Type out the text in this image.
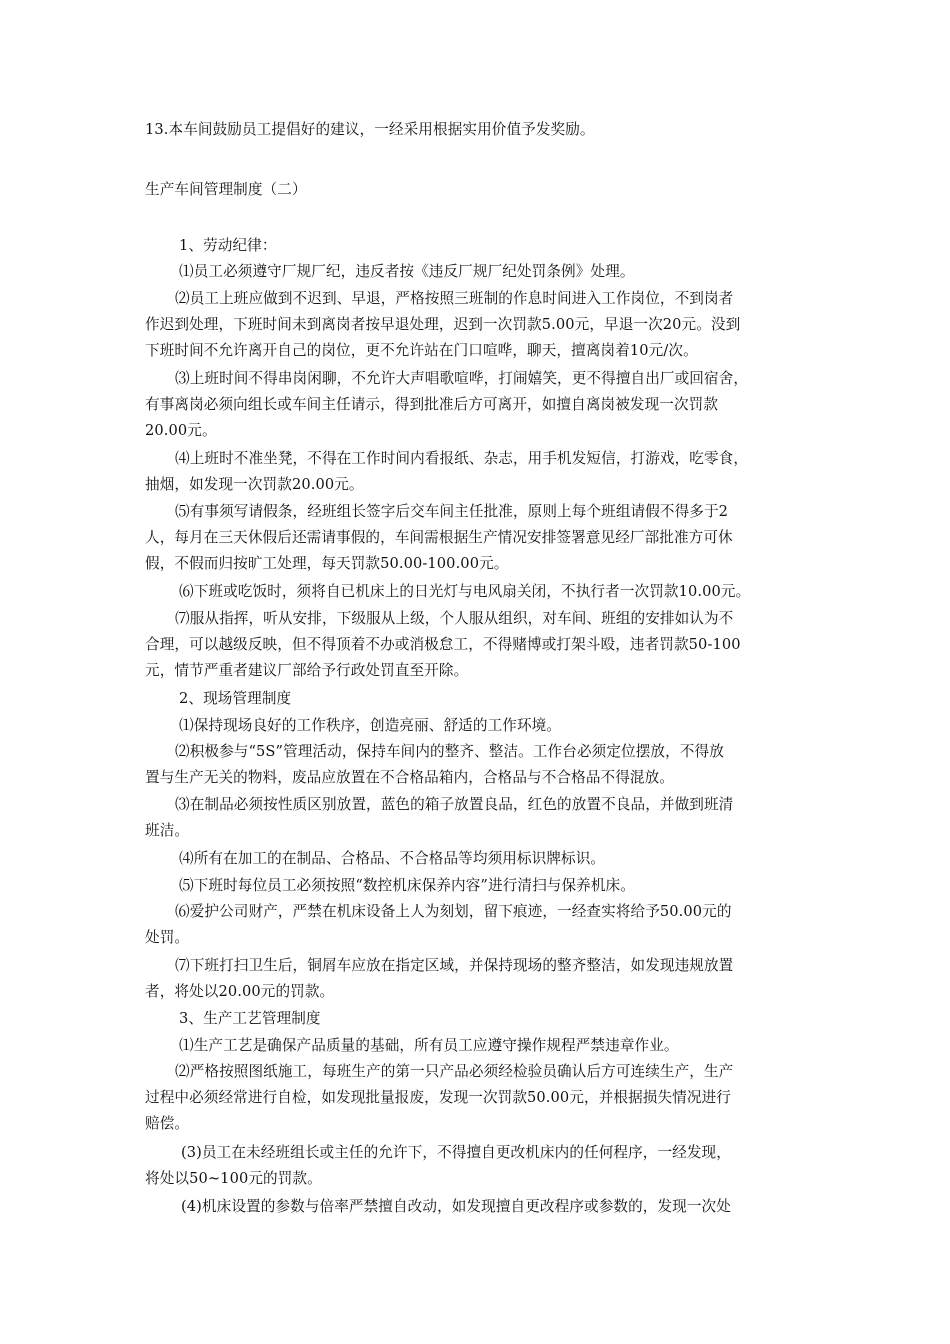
13.本车间鼓励员工提倡好的建议，一经采用根据实用价值予发奖励。
生产车间管理制度（二）
1、劳动纪律：
⑴员工必须遵守厂规厂纪，违反者按《违反厂规厂纪处罚条例》处理。
⑵员工上班应做到不迟到、早退，严格按照三班制的作息时间进入工作岗位，不到岗者
作迟到处理，下班时间未到离岗者按早退处理，迟到一次罚款5.00元，早退一次20元。没到
下班时间不允许离开自己的岗位，更不允许站在门口喧哗，聊天，擅离岗着10元/次。
⑶上班时间不得串岗闲聊，不允许大声唱歌喧哗，打闹嬉笑，更不得擅自出厂或回宿舍，
有事离岗必须向组长或车间主任请示，得到批准后方可离开，如擅自离岗被发现一次罚款
20.00元。
⑷上班时不准坐凳，不得在工作时间内看报纸、杂志，用手机发短信，打游戏，吃零食，
抽烟，如发现一次罚款20.00元。
⑸有事须写请假条，经班组长签字后交车间主任批准，原则上每个班组请假不得多于2
人，每月在三天休假后还需请事假的，车间需根据生产情况安排签署意见经厂部批准方可休
假，不假而归按旷工处理，每天罚款50.00-100.00元。
⑹下班或吃饭时，须将自已机床上的日光灯与电风扇关闭，不执行者一次罚款10.00元。
⑺服从指挥，听从安排，下级服从上级，个人服从组织，对车间、班组的安排如认为不
合理，可以越级反映，但不得顶着不办或消极怠工，不得赌博或打架斗殴，违者罚款50-100
元，情节严重者建议厂部给予行政处罚直至开除。
2、现场管理制度
⑴保持现场良好的工作秩序，创造亮丽、舒适的工作环境。
⑵积极参与“5S”管理活动，保持车间内的整齐、整洁。工作台必须定位摆放，不得放
置与生产无关的物料，废品应放置在不合格品箱内，合格品与不合格品不得混放。
⑶在制品必须按性质区别放置，蓝色的箱子放置良品，红色的放置不良品，并做到班清
班洁。
⑷所有在加工的在制品、合格品、不合格品等均须用标识牌标识。
⑸下班时每位员工必须按照“数控机床保养内容”进行清扫与保养机床。
⑹爱护公司财产，严禁在机床设备上人为刻划，留下痕迹，一经查实将给予50.00元的
处罚。
⑺下班打扫卫生后，铜屑车应放在指定区域，并保持现场的整齐整洁，如发现违规放置
者，将处以20.00元的罚款。
3、生产工艺管理制度
⑴生产工艺是确保产品质量的基础，所有员工应遵守操作规程严禁违章作业。
⑵严格按照图纸施工，每班生产的第一只产品必须经检验员确认后方可连续生产，生产
过程中必须经常进行自检，如发现批量报废，发现一次罚款50.00元，并根据损失情况进行
赔偿。
(3)员工在未经班组长或主任的允许下，不得擅自更改机床内的任何程序，一经发现，
将处以50~100元的罚款。
(4)机床设置的参数与倍率严禁擅自改动，如发现擅自更改程序或参数的，发现一次处
